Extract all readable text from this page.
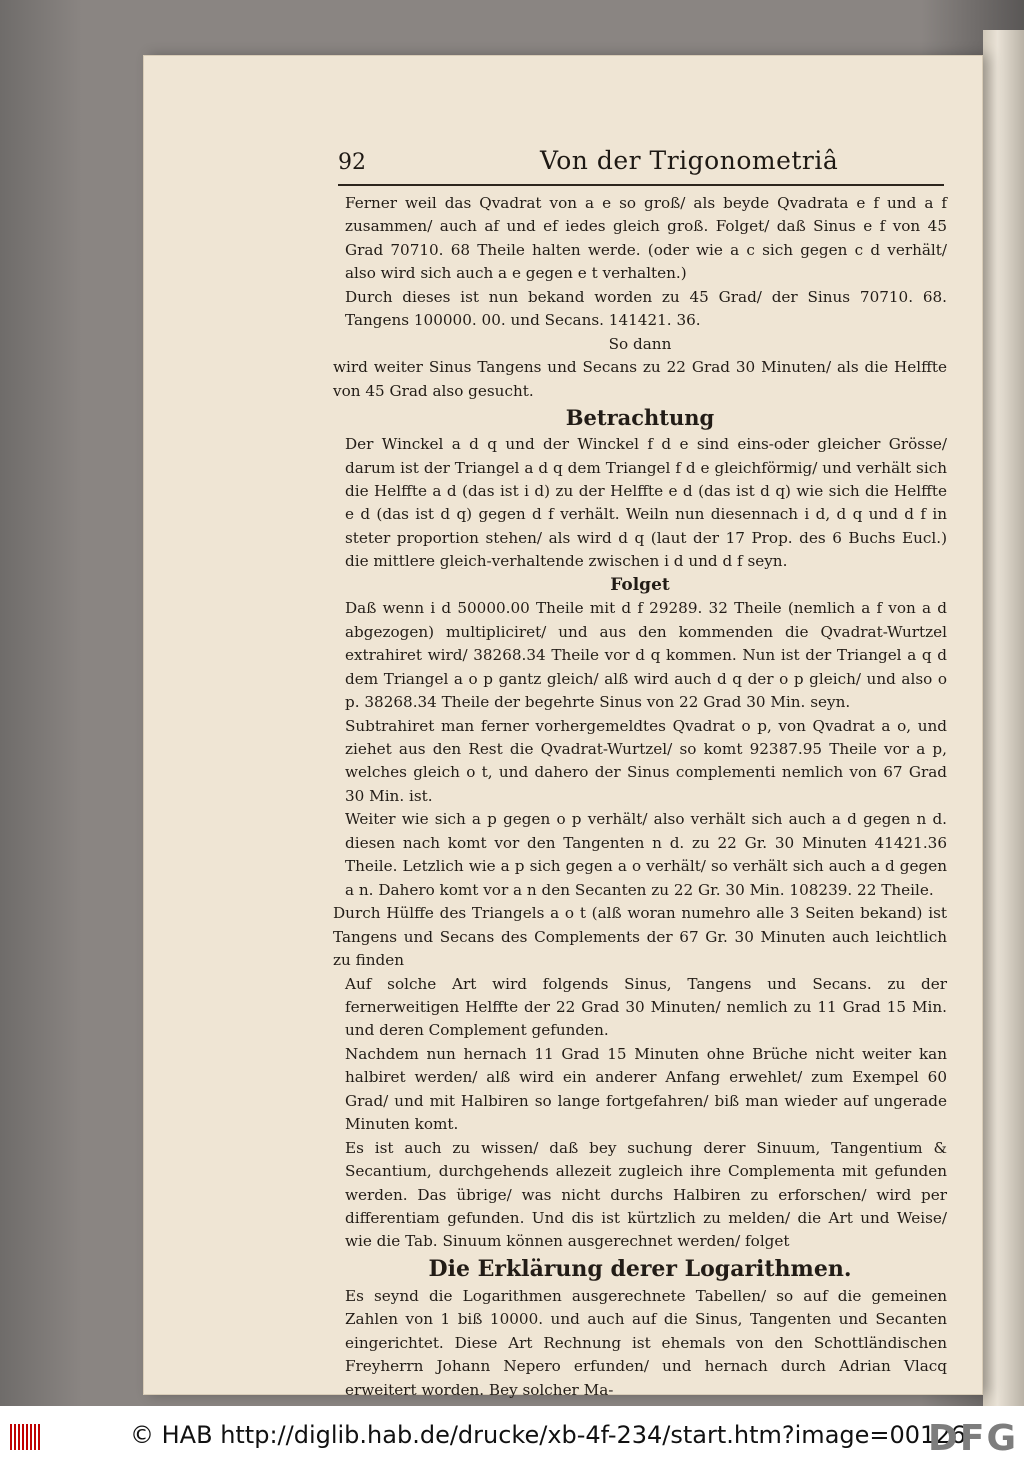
92	Von der Trigonometriâ

Ferner weil das Qvadrat von a e so groß/ als beyde Qvadrata e f und a f zusammen/ auch af und ef iedes gleich groß. Folget/ daß Sinus e f von 45 Grad 70710. 68 Theile halten werde. (oder wie a c sich gegen c d verhält/ also wird sich auch a e gegen e t verhalten.)

Durch dieses ist nun bekand worden zu 45 Grad/ der Sinus 70710. 68. Tangens 100000. 00. und Secans. 141421. 36.

So dann

wird weiter Sinus Tangens und Secans zu 22 Grad 30 Minuten/ als die Helffte von 45 Grad also gesucht.

Betrachtung

Der Winckel a d q und der Winckel f d e sind eins-oder gleicher Grösse/ darum ist der Triangel a d q dem Triangel f d e gleichförmig/ und verhält sich die Helffte a d (das ist i d) zu der Helffte e d (das ist d q) wie sich die Helffte e d (das ist d q) gegen d f verhält. Weiln nun diesennach i d, d q und d f in steter proportion stehen/ als wird d q (laut der 17 Prop. des 6 Buchs Eucl.) die mittlere gleich-verhaltende zwischen i d und d f seyn.

Folget

Daß wenn i d 50000.00 Theile mit d f 29289. 32 Theile (nemlich a f von a d abgezogen) multipliciret/ und aus den kommenden die Qvadrat-Wurtzel extrahiret wird/ 38268.34 Theile vor d q kommen. Nun ist der Triangel a q d dem Triangel a o p gantz gleich/ alß wird auch d q der o p gleich/ und also o p. 38268.34 Theile der begehrte Sinus von 22 Grad 30 Min. seyn.

Subtrahiret man ferner vorhergemeldtes Qvadrat o p, von Qvadrat a o, und ziehet aus den Rest die Qvadrat-Wurtzel/ so komt 92387.95 Theile vor a p, welches gleich o t, und dahero der Sinus complementi nemlich von 67 Grad 30 Min. ist.

Weiter wie sich a p gegen o p verhält/ also verhält sich auch a d gegen n d. diesen nach komt vor den Tangenten n d. zu 22 Gr. 30 Minuten 41421.36 Theile. Letzlich wie a p sich gegen a o verhält/ so verhält sich auch a d gegen a n. Dahero komt vor a n den Secanten zu 22 Gr. 30 Min. 108239. 22 Theile.

Durch Hülffe des Triangels a o t (alß woran numehro alle 3 Seiten bekand) ist Tangens und Secans des Complements der 67 Gr. 30 Minuten auch leichtlich zu finden

Auf solche Art wird folgends Sinus, Tangens und Secans. zu der fernerweitigen Helffte der 22 Grad 30 Minuten/ nemlich zu 11 Grad 15 Min. und deren Complement gefunden.

Nachdem nun hernach 11 Grad 15 Minuten ohne Brüche nicht weiter kan halbiret werden/ alß wird ein anderer Anfang erwehlet/ zum Exempel 60 Grad/ und mit Halbiren so lange fortgefahren/ biß man wieder auf ungerade Minuten komt.

Es ist auch zu wissen/ daß bey suchung derer Sinuum, Tangentium & Secantium, durchgehends allezeit zugleich ihre Complementa mit gefunden werden. Das übrige/ was nicht durchs Halbiren zu erforschen/ wird per differentiam gefunden. Und dis ist kürtzlich zu melden/ die Art und Weise/ wie die Tab. Sinuum können ausgerechnet werden/ folget

Die Erklärung derer Logarithmen.

Es seynd die Logarithmen ausgerechnete Tabellen/ so auf die gemeinen Zahlen von 1 biß 10000. und auch auf die Sinus, Tangenten und Secanten eingerichtet. Diese Art Rechnung ist ehemals von den Schottländischen Freyherrn Johann Nepero erfunden/ und hernach durch Adrian Vlacq erweitert worden. Bey solcher Ma-

© HAB http://diglib.hab.de/drucke/xb-4f-234/start.htm?image=00126
DFG
